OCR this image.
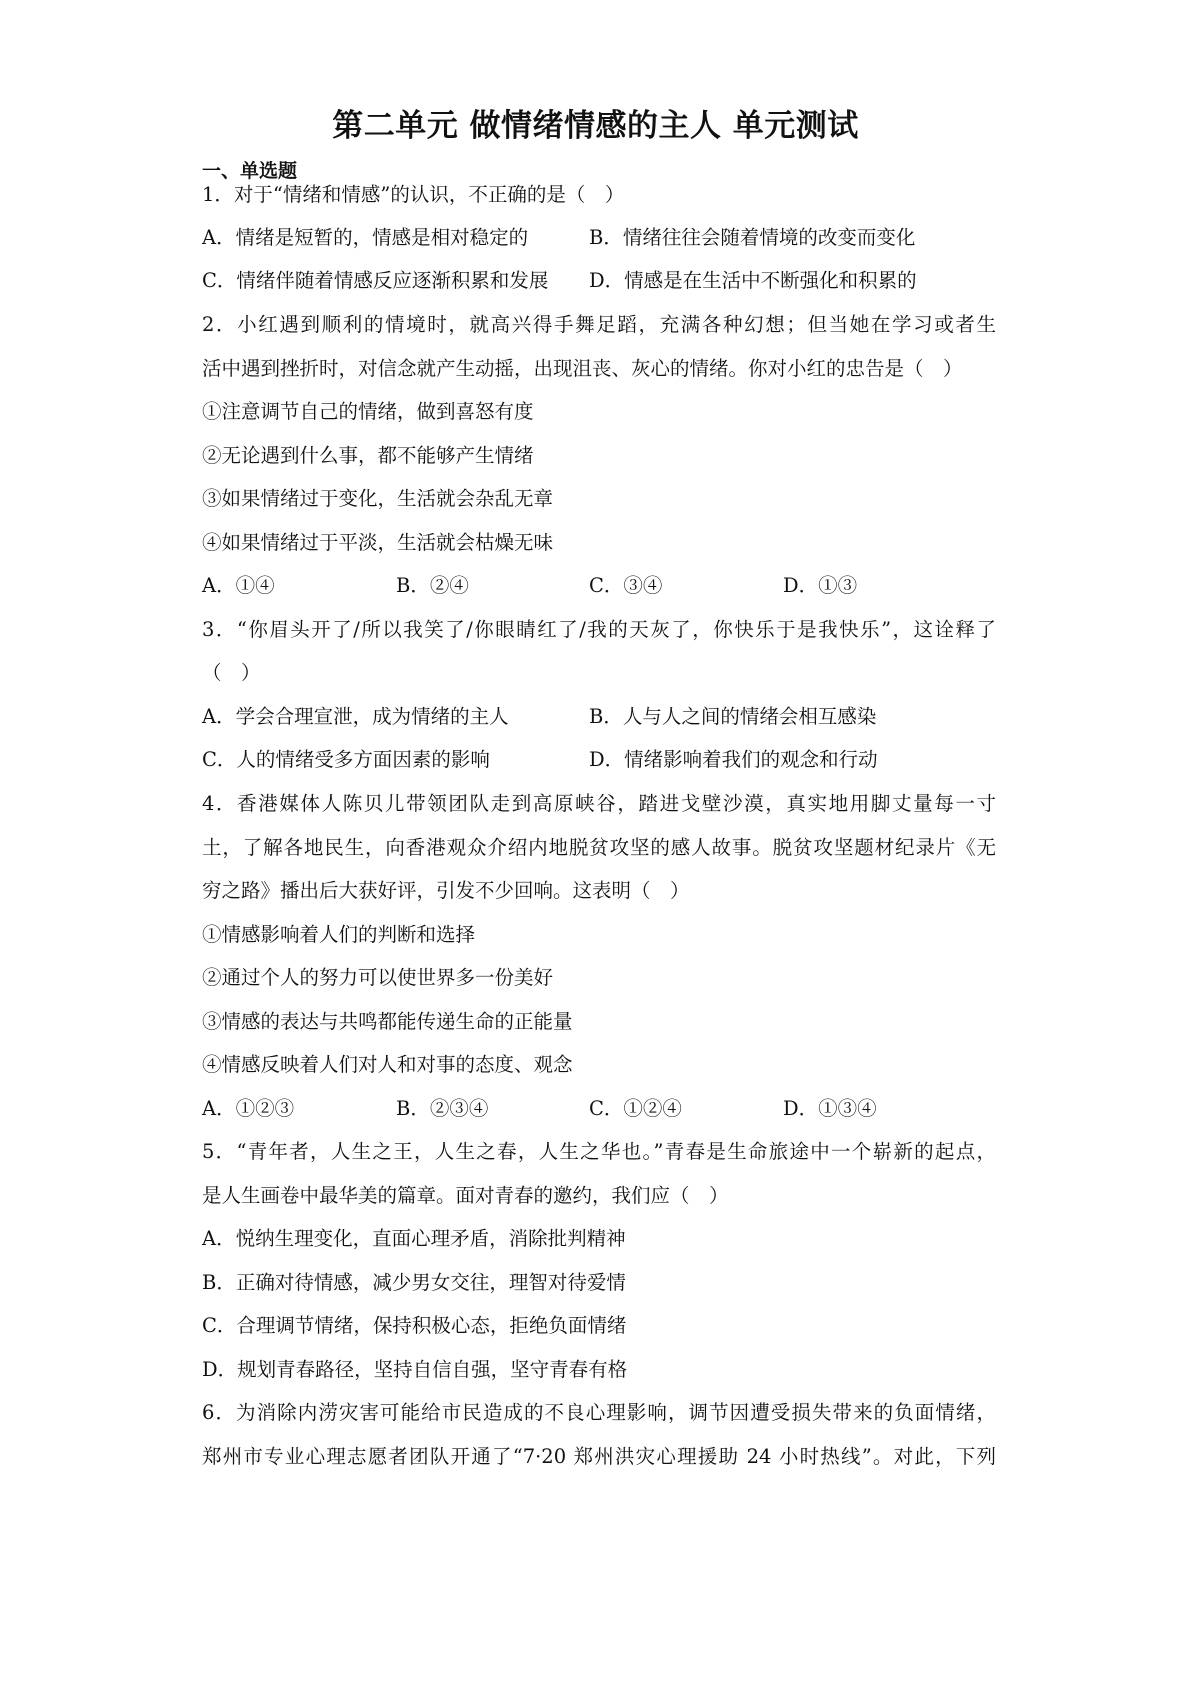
第二单元 做情绪情感的主人 单元测试
一、单选题
1．对于“情绪和情感”的认识，不正确的是（　）
A．情绪是短暂的，情感是相对稳定的	B．情绪往往会随着情境的改变而变化
C．情绪伴随着情感反应逐渐积累和发展 D．情感是在生活中不断强化和积累的
2．小红遇到顺利的情境时，就高兴得手舞足蹈，充满各种幻想；但当她在学习或者生
活中遇到挫折时，对信念就产生动摇，出现沮丧、灰心的情绪。你对小红的忠告是（　）
①注意调节自己的情绪，做到喜怒有度
②无论遇到什么事，都不能够产生情绪
③如果情绪过于变化，生活就会杂乱无章
④如果情绪过于平淡，生活就会枯燥无味
A．①④	B．②④	C．③④	D．①③
3．“你眉头开了/所以我笑了/你眼睛红了/我的天灰了，你快乐于是我快乐”，这诠释了
（　）
A．学会合理宣泄，成为情绪的主人	B．人与人之间的情绪会相互感染
C．人的情绪受多方面因素的影响	D．情绪影响着我们的观念和行动
4．香港媒体人陈贝儿带领团队走到高原峡谷，踏进戈壁沙漠，真实地用脚丈量每一寸
土，了解各地民生，向香港观众介绍内地脱贫攻坚的感人故事。脱贫攻坚题材纪录片《无
穷之路》播出后大获好评，引发不少回响。这表明（　）
①情感影响着人们的判断和选择
②通过个人的努力可以使世界多一份美好
③情感的表达与共鸣都能传递生命的正能量
④情感反映着人们对人和对事的态度、观念
A．①②③	B．②③④	C．①②④	D．①③④
5．“青年者，人生之王，人生之春，人生之华也。”青春是生命旅途中一个崭新的起点，
是人生画卷中最华美的篇章。面对青春的邀约，我们应（　）
A．悦纳生理变化，直面心理矛盾，消除批判精神
B．正确对待情感，减少男女交往，理智对待爱情
C．合理调节情绪，保持积极心态，拒绝负面情绪
D．规划青春路径，坚持自信自强，坚守青春有格
6．为消除内涝灾害可能给市民造成的不良心理影响，调节因遭受损失带来的负面情绪，
郑州市专业心理志愿者团队开通了“7·20 郑州洪灾心理援助 24 小时热线”。对此，下列
